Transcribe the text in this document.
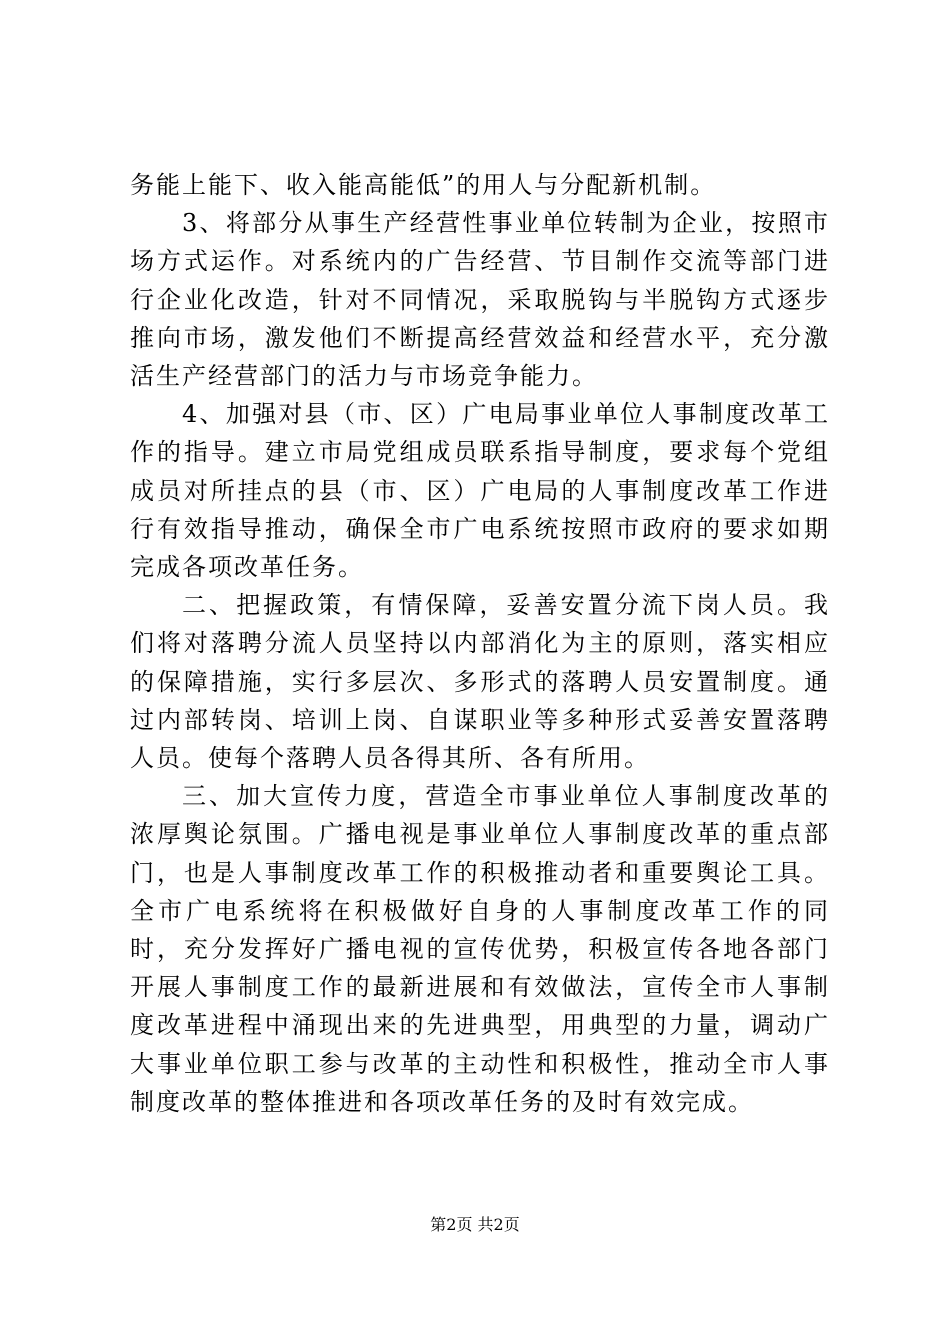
务能上能下、收入能高能低”的用人与分配新机制。

3、将部分从事生产经营性事业单位转制为企业，按照市场方式运作。对系统内的广告经营、节目制作交流等部门进行企业化改造，针对不同情况，采取脱钩与半脱钩方式逐步推向市场，激发他们不断提高经营效益和经营水平，充分激活生产经营部门的活力与市场竞争能力。

4、加强对县（市、区）广电局事业单位人事制度改革工作的指导。建立市局党组成员联系指导制度，要求每个党组成员对所挂点的县（市、区）广电局的人事制度改革工作进行有效指导推动，确保全市广电系统按照市政府的要求如期完成各项改革任务。

二、把握政策，有情保障，妥善安置分流下岗人员。我们将对落聘分流人员坚持以内部消化为主的原则，落实相应的保障措施，实行多层次、多形式的落聘人员安置制度。通过内部转岗、培训上岗、自谋职业等多种形式妥善安置落聘人员。使每个落聘人员各得其所、各有所用。

三、加大宣传力度，营造全市事业单位人事制度改革的浓厚舆论氛围。广播电视是事业单位人事制度改革的重点部门，也是人事制度改革工作的积极推动者和重要舆论工具。全市广电系统将在积极做好自身的人事制度改革工作的同时，充分发挥好广播电视的宣传优势，积极宣传各地各部门开展人事制度工作的最新进展和有效做法，宣传全市人事制度改革进程中涌现出来的先进典型，用典型的力量，调动广大事业单位职工参与改革的主动性和积极性，推动全市人事制度改革的整体推进和各项改革任务的及时有效完成。

第2页 共2页
